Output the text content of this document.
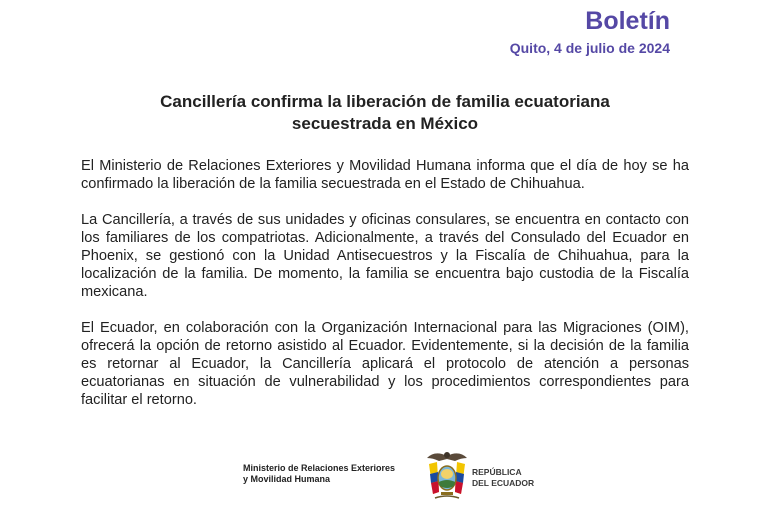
Boletín
Quito, 4 de julio de 2024
Cancillería confirma la liberación de familia ecuatoriana
secuestrada en México

El Ministerio de Relaciones Exteriores y Movilidad Humana informa que el día de hoy se ha confirmado la liberación de la familia secuestrada en el Estado de Chihuahua.

La Cancillería, a través de sus unidades y oficinas consulares, se encuentra en contacto con los familiares de los compatriotas. Adicionalmente, a través del Consulado del Ecuador en Phoenix, se gestionó con la Unidad Antisecuestros y la Fiscalía de Chihuahua, para la localización de la familia. De momento, la familia se encuentra bajo custodia de la Fiscalía mexicana.

El Ecuador, en colaboración con la Organización Internacional para las Migraciones (OIM), ofrecerá la opción de retorno asistido al Ecuador. Evidentemente, si la decisión de la familia es retornar al Ecuador, la Cancillería aplicará el protocolo de atención a personas ecuatorianas en situación de vulnerabilidad y los procedimientos correspondientes para facilitar el retorno.

Ministerio de Relaciones Exteriores
y Movilidad Humana
REPÚBLICA
DEL ECUADOR
